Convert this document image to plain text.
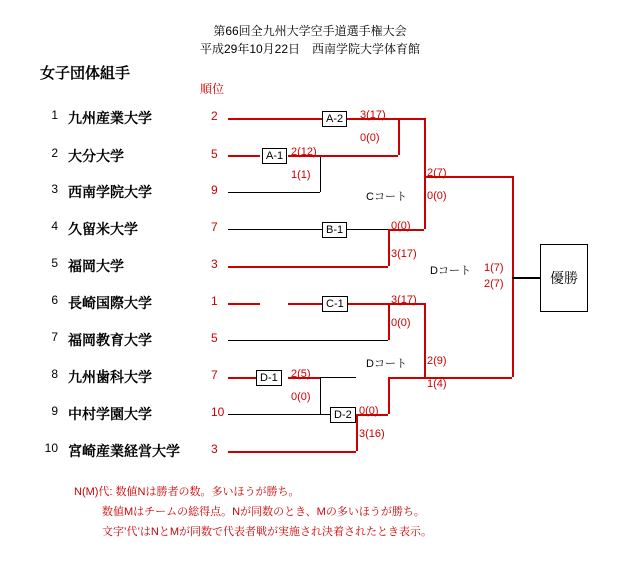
第66回全九州大学空手道選手権大会
平成29年10月22日　西南学院大学体育館
女子団体組手
順位
1 九州産業大学
2 大分大学
3 西南学院大学
4 久留米大学
5 福岡大学
6 長崎国際大学
7 福岡教育大学
8 九州歯科大学
9 中村学園大学
10 宮崎産業経営大学
2
5
9
7
3
1
5
7
10
3
A-1
A-2
B-1
C-1
D-1
D-2
Cコート
Dコート
Dコート
2(12)
1(1)
3(17)
0(0)
0(0)
3(17)
2(7)
0(0)
3(17)
0(0)
2(5)
0(0)
0(0)
3(16)
2(9)
1(4)
1(7)
2(7)	優勝
N(M)代: 数値Nは勝者の数。多いほうが勝ち。
数値Mはチームの総得点。Nが同数のとき、Mの多いほうが勝ち。
文字’代’はNとMが同数で代表者戦が実施され決着されたとき表示。
